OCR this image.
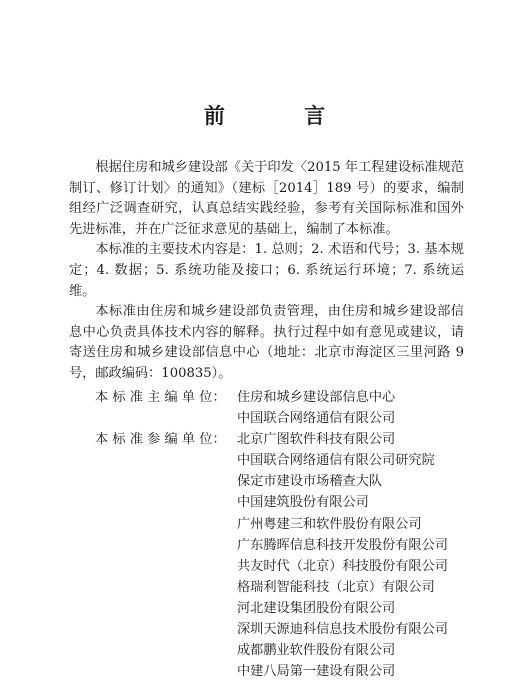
前 言

根据住房和城乡建设部《关于印发〈2015 年工程建设标准规范制订、修订计划〉的通知》（建标［2014］189 号）的要求，编制组经广泛调查研究，认真总结实践经验，参考有关国际标准和国外先进标准，并在广泛征求意见的基础上，编制了本标准。

本标准的主要技术内容是：1. 总则；2. 术语和代号；3. 基本规定；4. 数据；5. 系统功能及接口；6. 系统运行环境；7. 系统运维。

本标准由住房和城乡建设部负责管理，由住房和城乡建设部信息中心负责具体技术内容的解释。执行过程中如有意见或建议，请寄送住房和城乡建设部信息中心（地址：北京市海淀区三里河路 9 号，邮政编码：100835）。

本 标 准 主 编 单 位： 住房和城乡建设部信息中心
中国联合网络通信有限公司
本 标 准 参 编 单 位： 北京广图软件科技有限公司
中国联合网络通信有限公司研究院
保定市建设市场稽查大队
中国建筑股份有限公司
广州粤建三和软件股份有限公司
广东腾晖信息科技开发股份有限公司
共友时代（北京）科技股份有限公司
格瑞利智能科技（北京）有限公司
河北建设集团股份有限公司
深圳天源迪科信息技术股份有限公司
成都鹏业软件股份有限公司
中建八局第一建设有限公司
